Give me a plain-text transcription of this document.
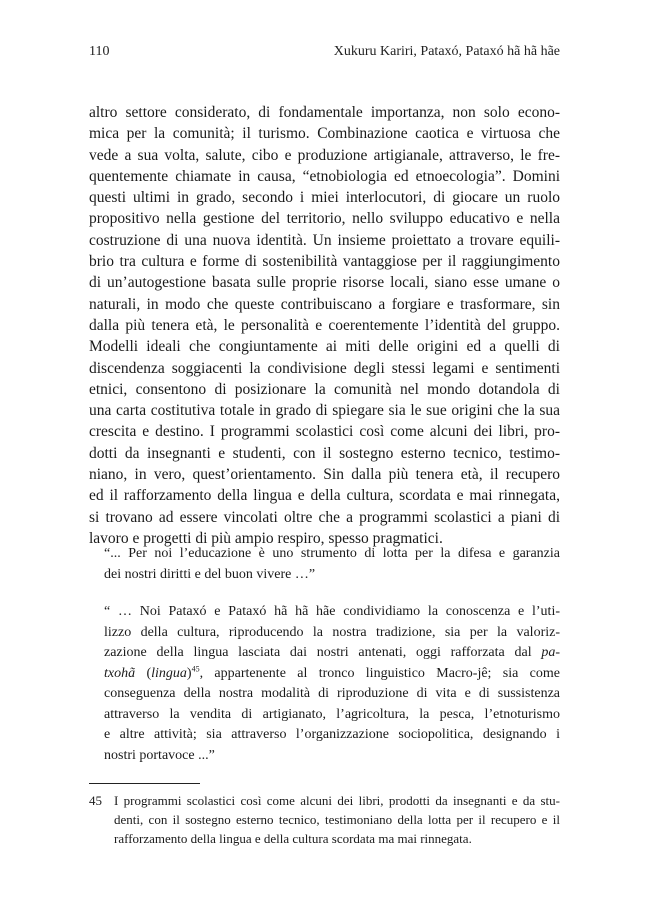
110	Xukuru Kariri, Pataxó, Pataxó hã hã hãe

altro settore considerato, di fondamentale importanza, non solo econo-
mica per la comunità; il turismo. Combinazione caotica e virtuosa che
vede a sua volta, salute, cibo e produzione artigianale, attraverso, le fre-
quentemente chiamate in causa, “etnobiologia ed etnoecologia”. Domini
questi ultimi in grado, secondo i miei interlocutori, di giocare un ruolo
propositivo nella gestione del territorio, nello sviluppo educativo e nella
costruzione di una nuova identità. Un insieme proiettato a trovare equili-
brio tra cultura e forme di sostenibilità vantaggiose per il raggiungimento
di un’autogestione basata sulle proprie risorse locali, siano esse umane o
naturali, in modo che queste contribuiscano a forgiare e trasformare, sin
dalla più tenera età, le personalità e coerentemente l’identità del gruppo.
Modelli ideali che congiuntamente ai miti delle origini ed a quelli di
discendenza soggiacenti la condivisione degli stessi legami e sentimenti
etnici, consentono di posizionare la comunità nel mondo dotandola di
una carta costitutiva totale in grado di spiegare sia le sue origini che la sua
crescita e destino. I programmi scolastici così come alcuni dei libri, pro-
dotti da insegnanti e studenti, con il sostegno esterno tecnico, testimo-
niano, in vero, quest’orientamento. Sin dalla più tenera età, il recupero
ed il rafforzamento della lingua e della cultura, scordata e mai rinnegata,
si trovano ad essere vincolati oltre che a programmi scolastici a piani di
lavoro e progetti di più ampio respiro, spesso pragmatici.

“... Per noi l’educazione è uno strumento di lotta per la difesa e garanzia
dei nostri diritti e del buon vivere …”
“ … Noi Pataxó e Pataxó hã hã hãe condividiamo la conoscenza e l’uti-
lizzo della cultura, riproducendo la nostra tradizione, sia per la valoriz-
zazione della lingua lasciata dai nostri antenati, oggi rafforzata dal pa-
txohã (lingua)$^{45}$, appartenente al tronco linguistico Macro-jê; sia come
conseguenza della nostra modalità di riproduzione di vita e di sussistenza
attraverso la vendita di artigianato, l’agricoltura, la pesca, l’etnoturismo
e altre attività; sia attraverso l’organizzazione sociopolitica, designando i
nostri portavoce ...”
45 I programmi scolastici così come alcuni dei libri, prodotti da insegnanti e da stu-
denti, con il sostegno esterno tecnico, testimoniano della lotta per il recupero e il
rafforzamento della lingua e della cultura scordata ma mai rinnegata.
